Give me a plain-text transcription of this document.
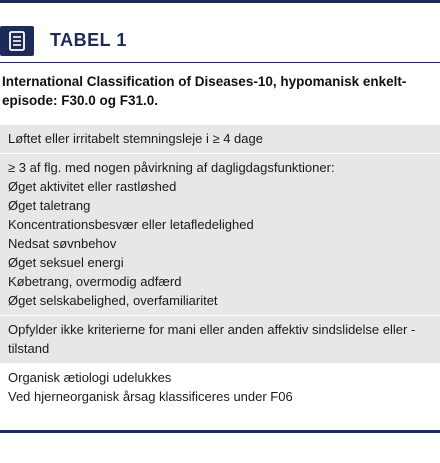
TABEL 1
International Classification of Diseases-10, hypomanisk enkelt-episode: F30.0 og F31.0.
Løftet eller irritabelt stemningsleje i ≥ 4 dage
≥ 3 af flg. med nogen påvirkning af dagligdagsfunktioner:
Øget aktivitet eller rastløshed
Øget taletrang
Koncentrationsbesvær eller letafledelighed
Nedsat søvnbehov
Øget seksuel energi
Købetrang, overmodig adfærd
Øget selskabelighed, overfamiliaritet
Opfylder ikke kriterierne for mani eller anden affektiv sindslidelse eller -tilstand
Organisk ætiologi udelukkes
Ved hjerneorganisk årsag klassificeres under F06
